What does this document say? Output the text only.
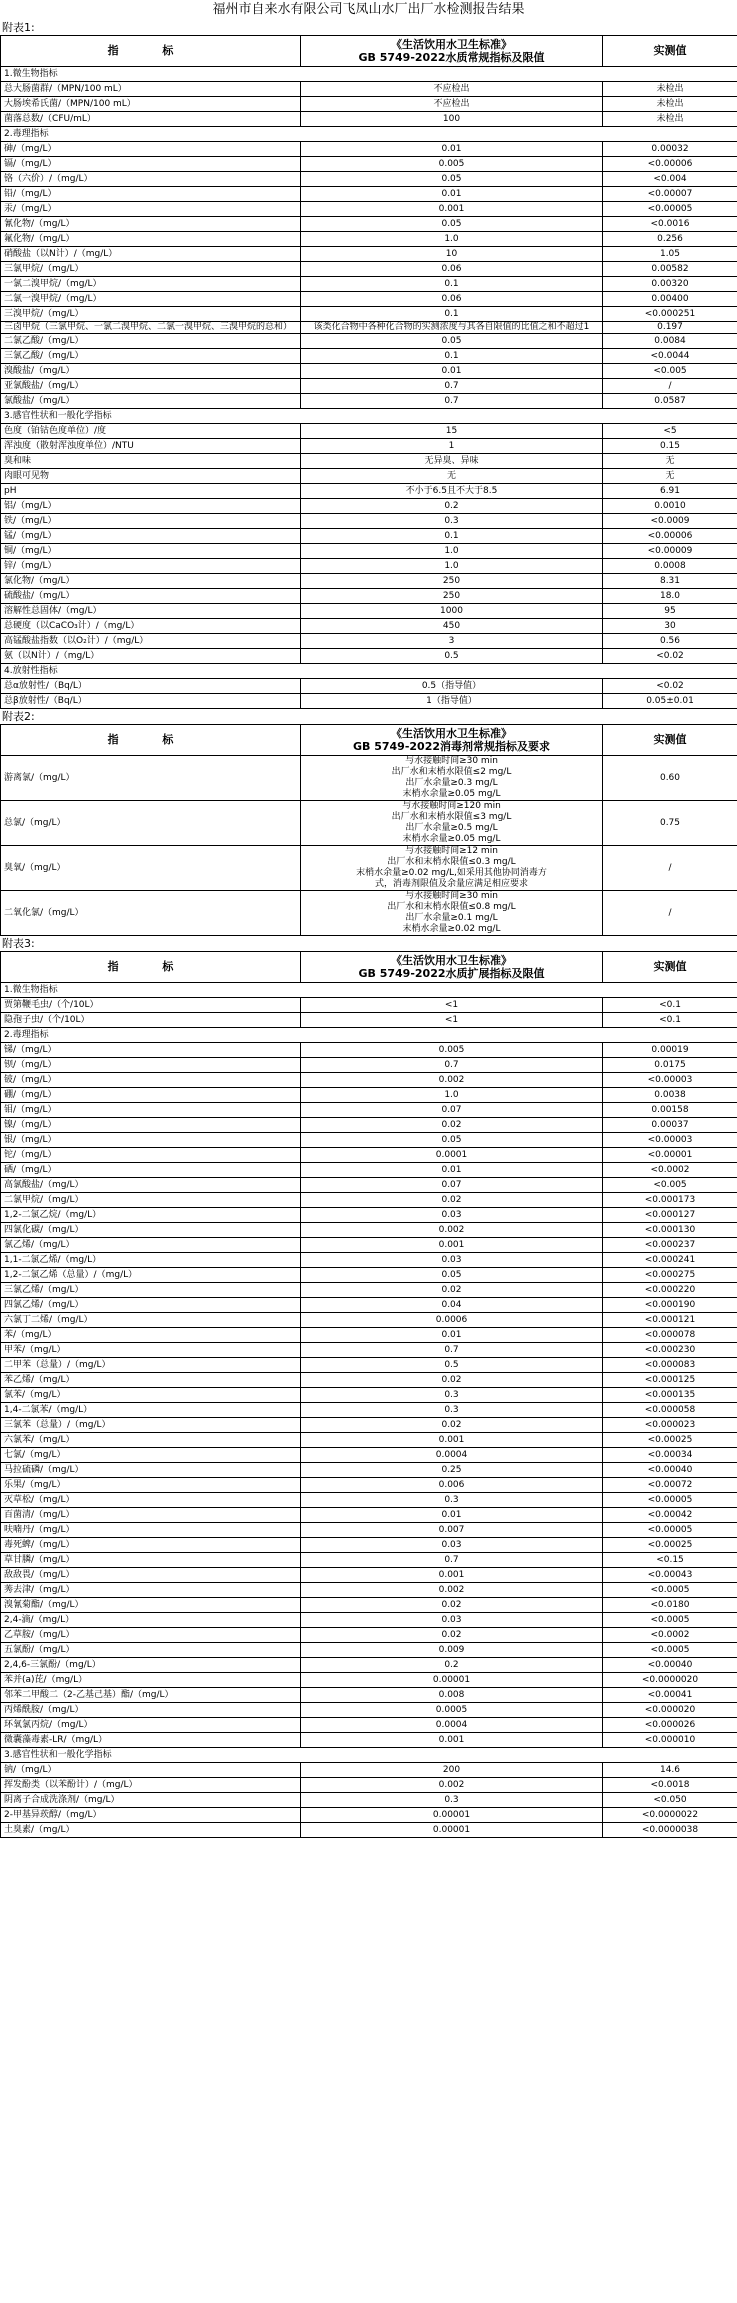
福州市自来水有限公司飞凤山水厂出厂水检测报告结果
附表1:
指 标	《生活饮用水卫生标准》
GB 5749-2022水质常规指标及限值	实测值
1.微生物指标		
总大肠菌群/（MPN/100 mL）	不应检出	未检出
大肠埃希氏菌/（MPN/100 mL）	不应检出	未检出
菌落总数/（CFU/mL）	100	未检出
2.毒理指标		
砷/（mg/L）	0.01	0.00032
镉/（mg/L）	0.005	<0.00006
铬（六价）/（mg/L）	0.05	<0.004
铅/（mg/L）	0.01	<0.00007
汞/（mg/L）	0.001	<0.00005
氰化物/（mg/L）	0.05	<0.0016
氟化物/（mg/L）	1.0	0.256
硝酸盐（以N计）/（mg/L）	10	1.05
三氯甲烷/（mg/L）	0.06	0.00582
一氯二溴甲烷/（mg/L）	0.1	0.00320
二氯一溴甲烷/（mg/L）	0.06	0.00400
三溴甲烷/（mg/L）	0.1	<0.000251
三卤甲烷（三氯甲烷、一氯二溴甲烷、二氯一溴甲烷、三溴甲烷的总和）	该类化合物中各种化合物的实测浓度与其各自限值的比值之和不超过1	0.197
二氯乙酸/（mg/L）	0.05	0.0084
三氯乙酸/（mg/L）	0.1	<0.0044
溴酸盐/（mg/L）	0.01	<0.005
亚氯酸盐/（mg/L）	0.7	/
氯酸盐/（mg/L）	0.7	0.0587
3.感官性状和一般化学指标		
色度（铂钴色度单位）/度	15	<5
浑浊度（散射浑浊度单位）/NTU	1	0.15
臭和味	无异臭、异味	无
肉眼可见物	无	无
pH	不小于6.5且不大于8.5	6.91
铝/（mg/L）	0.2	0.0010
铁/（mg/L）	0.3	<0.0009
锰/（mg/L）	0.1	<0.00006
铜/（mg/L）	1.0	<0.00009
锌/（mg/L）	1.0	0.0008
氯化物/（mg/L）	250	8.31
硫酸盐/（mg/L）	250	18.0
溶解性总固体/（mg/L）	1000	95
总硬度（以CaCO₃计）/（mg/L）	450	30
高锰酸盐指数（以O₂计）/（mg/L）	3	0.56
氨（以N计）/（mg/L）	0.5	<0.02
4.放射性指标		
总α放射性/（Bq/L）	0.5（指导值）	<0.02
总β放射性/（Bq/L）	1（指导值）	0.05±0.01
附表2:
指 标	《生活饮用水卫生标准》
GB 5749-2022消毒剂常规指标及要求	实测值
游离氯/（mg/L）	与水接触时间≥30 min
出厂水和末梢水限值≤2 mg/L
出厂水余量≥0.3 mg/L
末梢水余量≥0.05 mg/L	0.60
总氯/（mg/L）	与水接触时间≥120 min
出厂水和末梢水限值≤3 mg/L
出厂水余量≥0.5 mg/L
末梢水余量≥0.05 mg/L	0.75
臭氧/（mg/L）	与水接触时间≥12 min
出厂水和末梢水限值≤0.3 mg/L
末梢水余量≥0.02 mg/L,如采用其他协同消毒方
式，消毒剂限值及余量应满足相应要求	/
二氧化氯/（mg/L）	与水接触时间≥30 min
出厂水和末梢水限值≤0.8 mg/L
出厂水余量≥0.1 mg/L
末梢水余量≥0.02 mg/L	/
附表3:
指 标	《生活饮用水卫生标准》
GB 5749-2022水质扩展指标及限值	实测值
1.微生物指标		
贾第鞭毛虫/（个/10L）	<1	<0.1
隐孢子虫/（个/10L）	<1	<0.1
2.毒理指标		
锑/（mg/L）	0.005	0.00019
钡/（mg/L）	0.7	0.0175
铍/（mg/L）	0.002	<0.00003
硼/（mg/L）	1.0	0.0038
钼/（mg/L）	0.07	0.00158
镍/（mg/L）	0.02	0.00037
银/（mg/L）	0.05	<0.00003
铊/（mg/L）	0.0001	<0.00001
硒/（mg/L）	0.01	<0.0002
高氯酸盐/（mg/L）	0.07	<0.005
二氯甲烷/（mg/L）	0.02	<0.000173
1,2-二氯乙烷/（mg/L）	0.03	<0.000127
四氯化碳/（mg/L）	0.002	<0.000130
氯乙烯/（mg/L）	0.001	<0.000237
1,1-二氯乙烯/（mg/L）	0.03	<0.000241
1,2-二氯乙烯（总量）/（mg/L）	0.05	<0.000275
三氯乙烯/（mg/L）	0.02	<0.000220
四氯乙烯/（mg/L）	0.04	<0.000190
六氯丁二烯/（mg/L）	0.0006	<0.000121
苯/（mg/L）	0.01	<0.000078
甲苯/（mg/L）	0.7	<0.000230
二甲苯（总量）/（mg/L）	0.5	<0.000083
苯乙烯/（mg/L）	0.02	<0.000125
氯苯/（mg/L）	0.3	<0.000135
1,4-二氯苯/（mg/L）	0.3	<0.000058
三氯苯（总量）/（mg/L）	0.02	<0.000023
六氯苯/（mg/L）	0.001	<0.00025
七氯/（mg/L）	0.0004	<0.00034
马拉硫磷/（mg/L）	0.25	<0.00040
乐果/（mg/L）	0.006	<0.00072
灭草松/（mg/L）	0.3	<0.00005
百菌清/（mg/L）	0.01	<0.00042
呋喃丹/（mg/L）	0.007	<0.00005
毒死蜱/（mg/L）	0.03	<0.00025
草甘膦/（mg/L）	0.7	<0.15
敌敌畏/（mg/L）	0.001	<0.00043
莠去津/（mg/L）	0.002	<0.0005
溴氰菊酯/（mg/L）	0.02	<0.0180
2,4-滴/（mg/L）	0.03	<0.0005
乙草胺/（mg/L）	0.02	<0.0002
五氯酚/（mg/L）	0.009	<0.0005
2,4,6-三氯酚/（mg/L）	0.2	<0.00040
苯并(a)芘/（mg/L）	0.00001	<0.0000020
邻苯二甲酸二（2-乙基己基）酯/（mg/L）	0.008	<0.00041
丙烯酰胺/（mg/L）	0.0005	<0.000020
环氧氯丙烷/（mg/L）	0.0004	<0.000026
微囊藻毒素-LR/（mg/L）	0.001	<0.000010
3.感官性状和一般化学指标		
钠/（mg/L）	200	14.6
挥发酚类（以苯酚计）/（mg/L）	0.002	<0.0018
阴离子合成洗涤剂/（mg/L）	0.3	<0.050
2-甲基异莰醇/（mg/L）	0.00001	<0.0000022
土臭素/（mg/L）	0.00001	<0.0000038
